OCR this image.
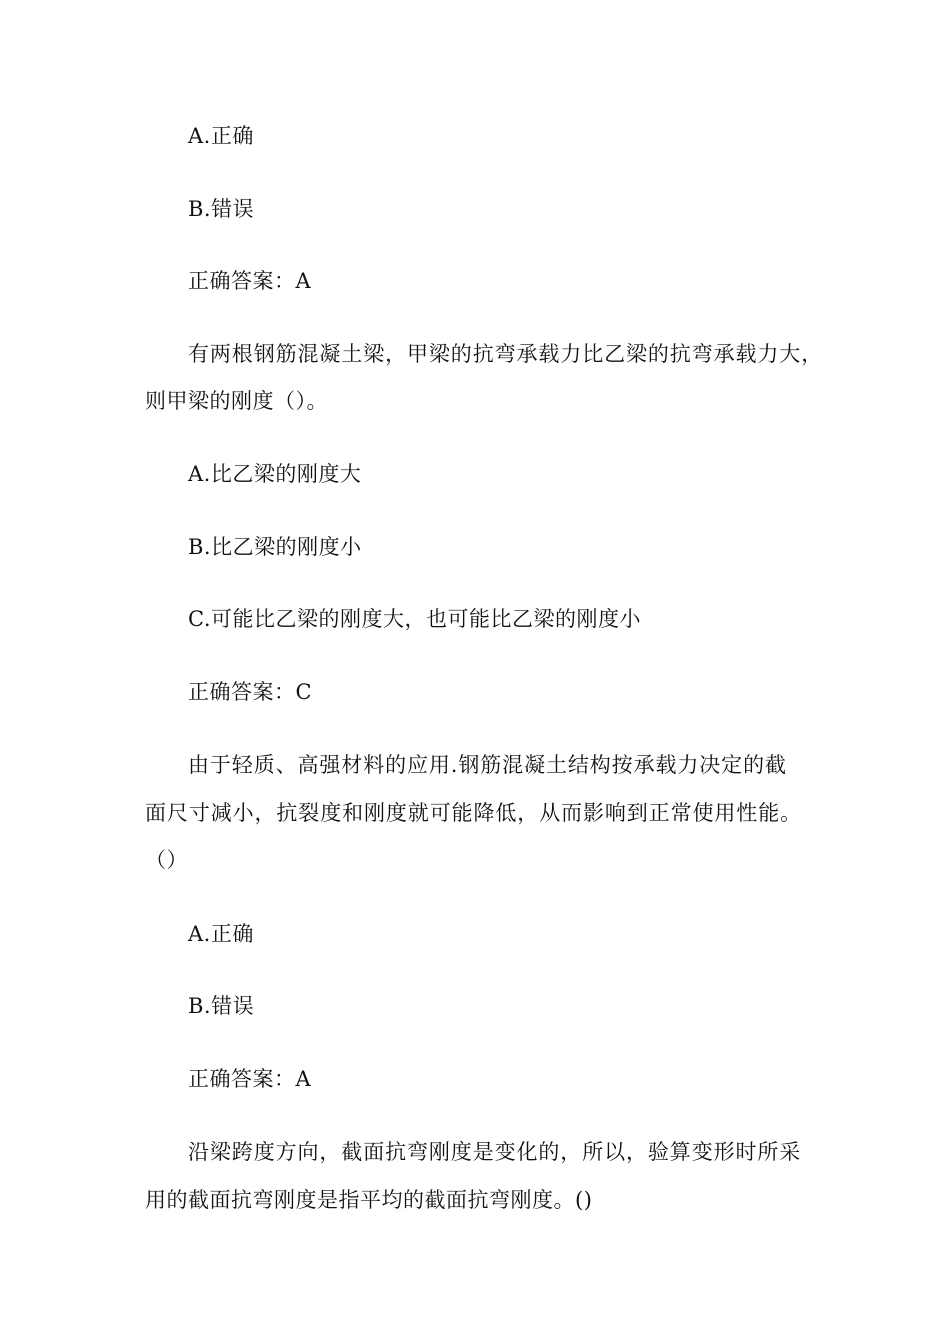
A.正确
B.错误
正确答案：A
有两根钢筋混凝土梁，甲梁的抗弯承载力比乙梁的抗弯承载力大，
则甲梁的刚度（）。
A.比乙梁的刚度大
B.比乙梁的刚度小
C.可能比乙梁的刚度大，也可能比乙梁的刚度小
正确答案：C
由于轻质、高强材料的应用.钢筋混凝土结构按承载力决定的截
面尺寸减小，抗裂度和刚度就可能降低，从而影响到正常使用性能。
（）
A.正确
B.错误
正确答案：A
沿梁跨度方向，截面抗弯刚度是变化的，所以，验算变形时所采
用的截面抗弯刚度是指平均的截面抗弯刚度。()
